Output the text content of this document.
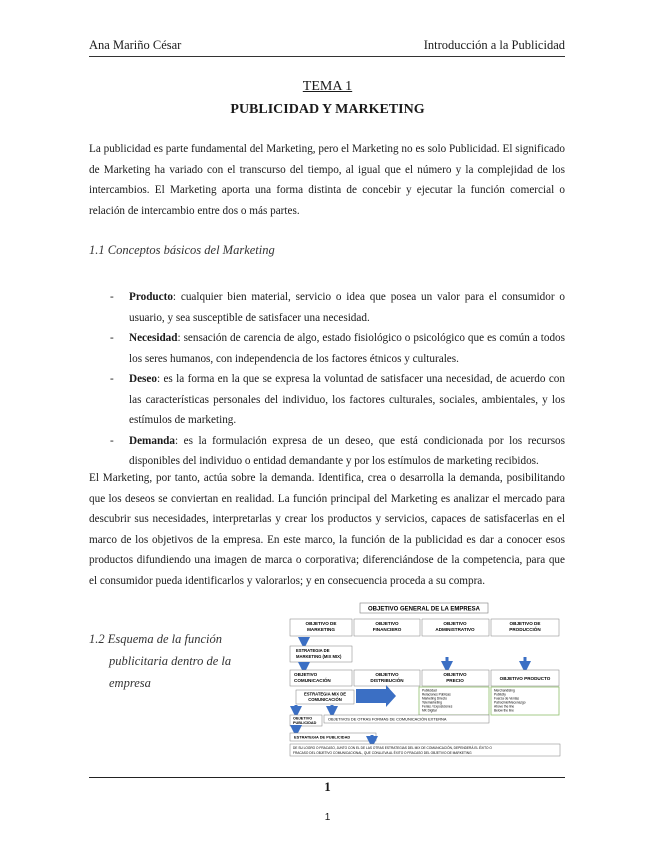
Ana Mariño César	Introducción a la Publicidad
TEMA 1
PUBLICIDAD Y MARKETING

La publicidad es parte fundamental del Marketing, pero el Marketing no es solo Publicidad. El significado de Marketing ha variado con el transcurso del tiempo, al igual que el número y la complejidad de los intercambios. El Marketing aporta una forma distinta de concebir y ejecutar la función comercial o relación de intercambio entre dos o más partes.

1.1 Conceptos básicos del Marketing

- Producto: cualquier bien material, servicio o idea que posea un valor para el consumidor o usuario, y sea susceptible de satisfacer una necesidad.
- Necesidad: sensación de carencia de algo, estado fisiológico o psicológico que es común a todos los seres humanos, con independencia de los factores étnicos y culturales.
- Deseo: es la forma en la que se expresa la voluntad de satisfacer una necesidad, de acuerdo con las características personales del individuo, los factores culturales, sociales, ambientales, y los estímulos de marketing.
- Demanda: es la formulación expresa de un deseo, que está condicionada por los recursos disponibles del individuo o entidad demandante y por los estímulos de marketing recibidos.

El Marketing, por tanto, actúa sobre la demanda. Identifica, crea o desarrolla la demanda, posibilitando que los deseos se conviertan en realidad. La función principal del Marketing es analizar el mercado para descubrir sus necesidades, interpretarlas y crear los productos y servicios, capaces de satisfacerlas en el marco de los objetivos de la empresa. En este marco, la función de la publicidad es dar a conocer esos productos difundiendo una imagen de marca o corporativa; diferenciándose de la competencia, para que el consumidor pueda identificarlos y valorarlos; y en consecuencia proceda a su compra.

1.2 Esquema de la función
publicitaria dentro de la
empresa
OBJETIVO GENERAL DE LA EMPRESA
OBJETIVO DE
MARKETING
OBJETIVO
FINANCIERO
OBJETIVO
ADMINISTRATIVO
OBJETIVO DE
PRODUCCIÓN
ESTRATEGIA DE
MARKETING (MIX MIX)
OBJETIVO
COMUNICACIÓN
OBJETIVO
DISTRIBUCIÓN
OBJETIVO
PRECIO	OBJETIVO PRODUCTO
ESTRATEGIA MIX DE
COMUNICACIÓN
Publicidad
Relaciones Públicas
Marketing Directo
Telemarketing
Ferias / Exposiciones
MK Digital
Merchandising
Publicity
Fuerza de Ventas
Patrocinio/Mecenazgo
Above the line
Below the line
OBJETIVO
PUBLICIDAD
OBJETIVOS DE OTRAS FORMAS DE COMUNICACIÓN EXTERNA
ESTRATEGIA DE PUBLICIDAD
DE SU LOGRO O FRACASO, JUNTO CON EL DE LAS OTRAS ESTRATEGIAS DEL MIX DE COMUNICACIÓN, DEPENDERÁ EL ÉXITO O
FRACASO DEL OBJETIVO COMUNICACIONAL, QUE CONLLEVA AL ÉXITO O FRACASO DEL OBJETIVO DE MARKETING
1
1
